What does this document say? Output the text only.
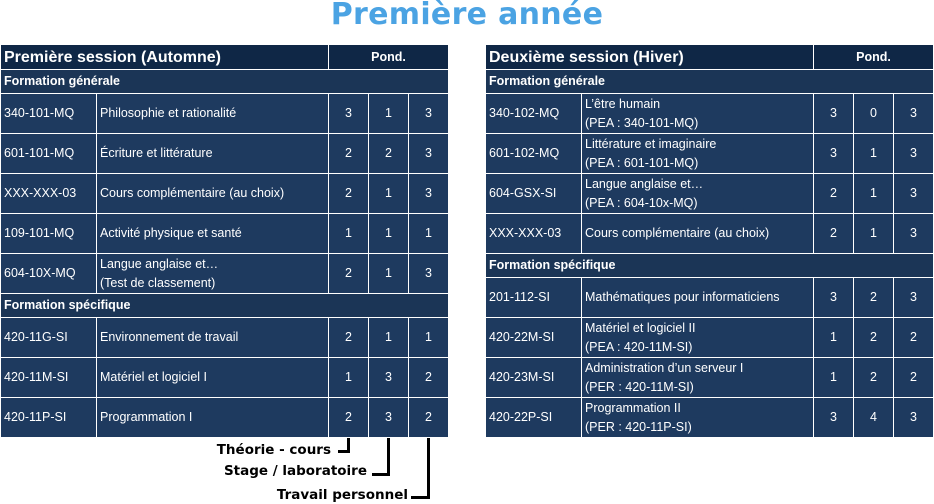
Première année
Première session (Automne)		Pond.		
Formation générale				
340-101-MQ	Philosophie et rationalité	3	1	3
601-101-MQ	Écriture et littérature	2	2	3
XXX-XXX-03	Cours complémentaire (au choix)	2	1	3
109-101-MQ	Activité physique et santé	1	1	1
604-10X-MQ	Langue anglaise et…
(Test de classement)	2	1	3
Formation spécifique				
420-11G-SI	Environnement de travail	2	1	1
420-11M-SI	Matériel et logiciel I	1	3	2
420-11P-SI	Programmation I	2	3	2
Deuxième session (Hiver)		Pond.		
Formation générale				
340-102-MQ	L’être humain
(PEA : 340-101-MQ)	3	0	3
601-102-MQ	Littérature et imaginaire
(PEA : 601-101-MQ)	3	1	3
604-GSX-SI	Langue anglaise et…
(PEA : 604-10x-MQ)	2	1	3
XXX-XXX-03	Cours complémentaire (au choix)	2	1	3
Formation spécifique				
201-112-SI	Mathématiques pour informaticiens	3	2	3
420-22M-SI	Matériel et logiciel II
(PEA : 420-11M-SI)	1	2	2
420-23M-SI	Administration d’un serveur I
(PER : 420-11M-SI)	1	2	2
420-22P-SI	Programmation II
(PER : 420-11P-SI)	3	4	3
Théorie - cours
Stage / laboratoire
Travail personnel
